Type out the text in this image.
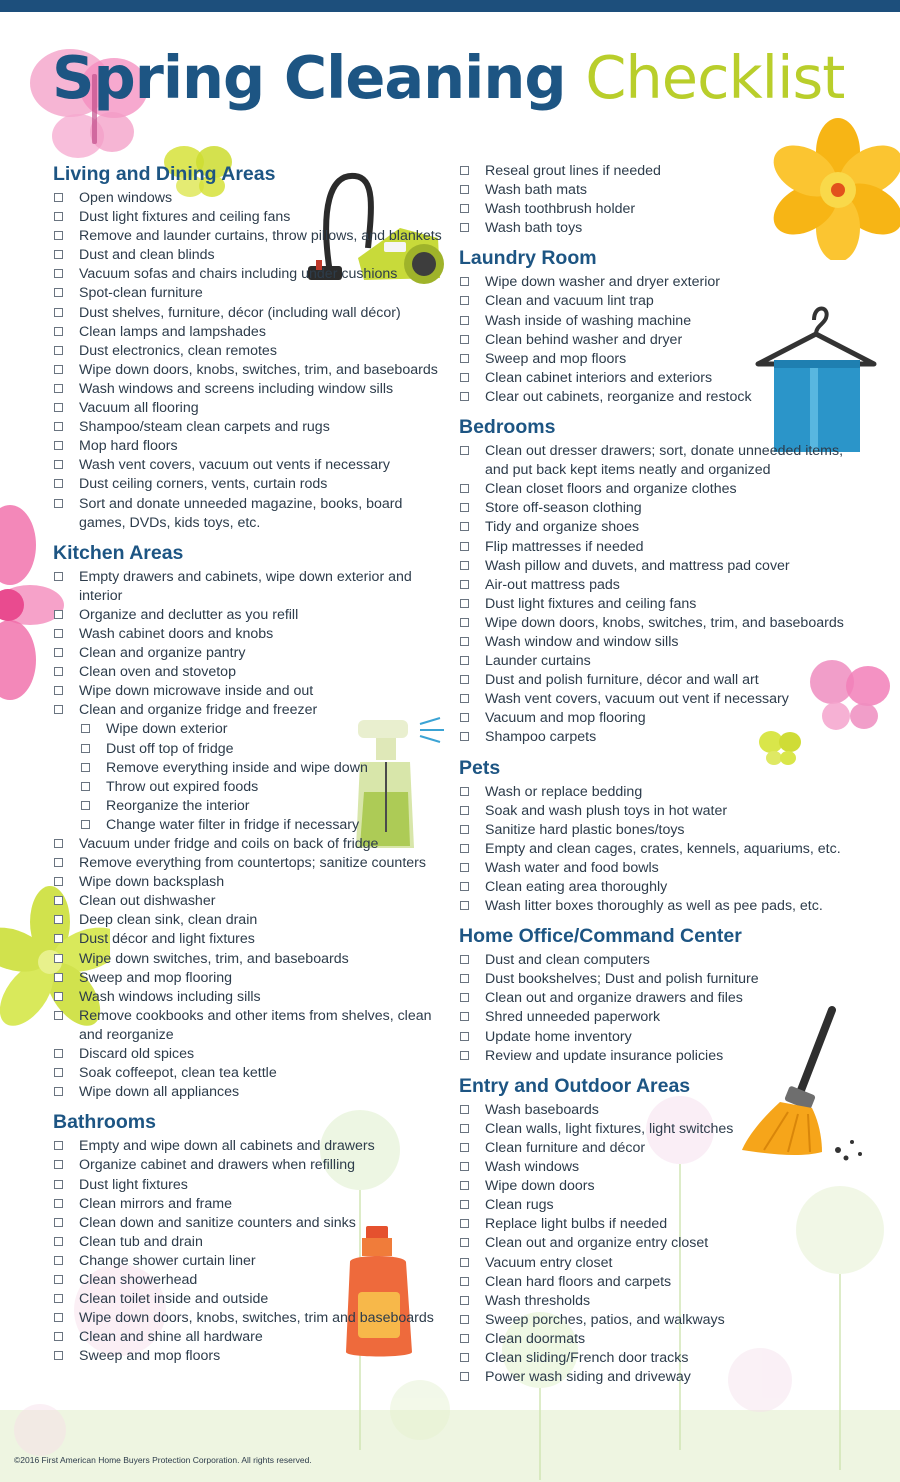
Spring Cleaning Checklist
Living and Dining Areas
Open windows
Dust light fixtures and ceiling fans
Remove and launder curtains, throw pillows, and blankets
Dust and clean blinds
Vacuum sofas and chairs including under cushions
Spot-clean furniture
Dust shelves, furniture, décor (including wall décor)
Clean lamps and lampshades
Dust electronics, clean remotes
Wipe down doors, knobs, switches, trim, and baseboards
Wash windows and screens including window sills
Vacuum all flooring
Shampoo/steam clean carpets and rugs
Mop hard floors
Wash vent covers, vacuum out vents if necessary
Dust ceiling corners, vents, curtain rods
Sort and donate unneeded magazine, books, board games, DVDs, kids toys, etc.
Kitchen Areas
Empty drawers and cabinets, wipe down exterior and interior
Organize and declutter as you refill
Wash cabinet doors and knobs
Clean and organize pantry
Clean oven and stovetop
Wipe down microwave inside and out
Clean and organize fridge and freezer
Wipe down exterior
Dust off top of fridge
Remove everything inside and wipe down
Throw out expired foods
Reorganize the interior
Change water filter in fridge if necessary
Vacuum under fridge and coils on back of fridge
Remove everything from countertops; sanitize counters
Wipe down backsplash
Clean out dishwasher
Deep clean sink, clean drain
Dust décor and light fixtures
Wipe down switches, trim, and baseboards
Sweep and mop flooring
Wash windows including sills
Remove cookbooks and other items from shelves, clean and reorganize
Discard old spices
Soak coffeepot, clean tea kettle
Wipe down all appliances
Bathrooms
Empty and wipe down all cabinets and drawers
Organize cabinet and drawers when refilling
Dust light fixtures
Clean mirrors and frame
Clean down and sanitize counters and sinks
Clean tub and drain
Change shower curtain liner
Clean showerhead
Clean toilet inside and outside
Wipe down doors, knobs, switches, trim and baseboards
Clean and shine all hardware
Sweep and mop floors
Reseal grout lines if needed
Wash bath mats
Wash toothbrush holder
Wash bath toys
Laundry Room
Wipe down washer and dryer exterior
Clean and vacuum lint trap
Wash inside of washing machine
Clean behind washer and dryer
Sweep and mop floors
Clean cabinet interiors and exteriors
Clear out cabinets, reorganize and restock
Bedrooms
Clean out dresser drawers; sort, donate unneeded items, and put back kept items neatly and organized
Clean closet floors and organize clothes
Store off-season clothing
Tidy and organize shoes
Flip mattresses if needed
Wash pillow and duvets, and mattress pad cover
Air-out mattress pads
Dust light fixtures and ceiling fans
Wipe down doors, knobs, switches, trim, and baseboards
Wash window and window sills
Launder curtains
Dust and polish furniture, décor and wall art
Wash vent covers, vacuum out vent if necessary
Vacuum and mop flooring
Shampoo carpets
Pets
Wash or replace bedding
Soak and wash plush toys in hot water
Sanitize hard plastic bones/toys
Empty and clean cages, crates, kennels, aquariums, etc.
Wash water and food bowls
Clean eating area thoroughly
Wash litter boxes thoroughly as well as pee pads, etc.
Home Office/Command Center
Dust and clean computers
Dust bookshelves; Dust and polish furniture
Clean out and organize drawers and files
Shred unneeded paperwork
Update home inventory
Review and update insurance policies
Entry and Outdoor Areas
Wash baseboards
Clean walls, light fixtures, light switches
Clean furniture and décor
Wash windows
Wipe down doors
Clean rugs
Replace light bulbs if needed
Clean out and organize entry closet
Vacuum entry closet
Clean hard floors and carpets
Wash thresholds
Sweep porches, patios, and walkways
Clean doormats
Clean sliding/French door tracks
Power wash siding and driveway
©2016 First American Home Buyers Protection Corporation. All rights reserved.
